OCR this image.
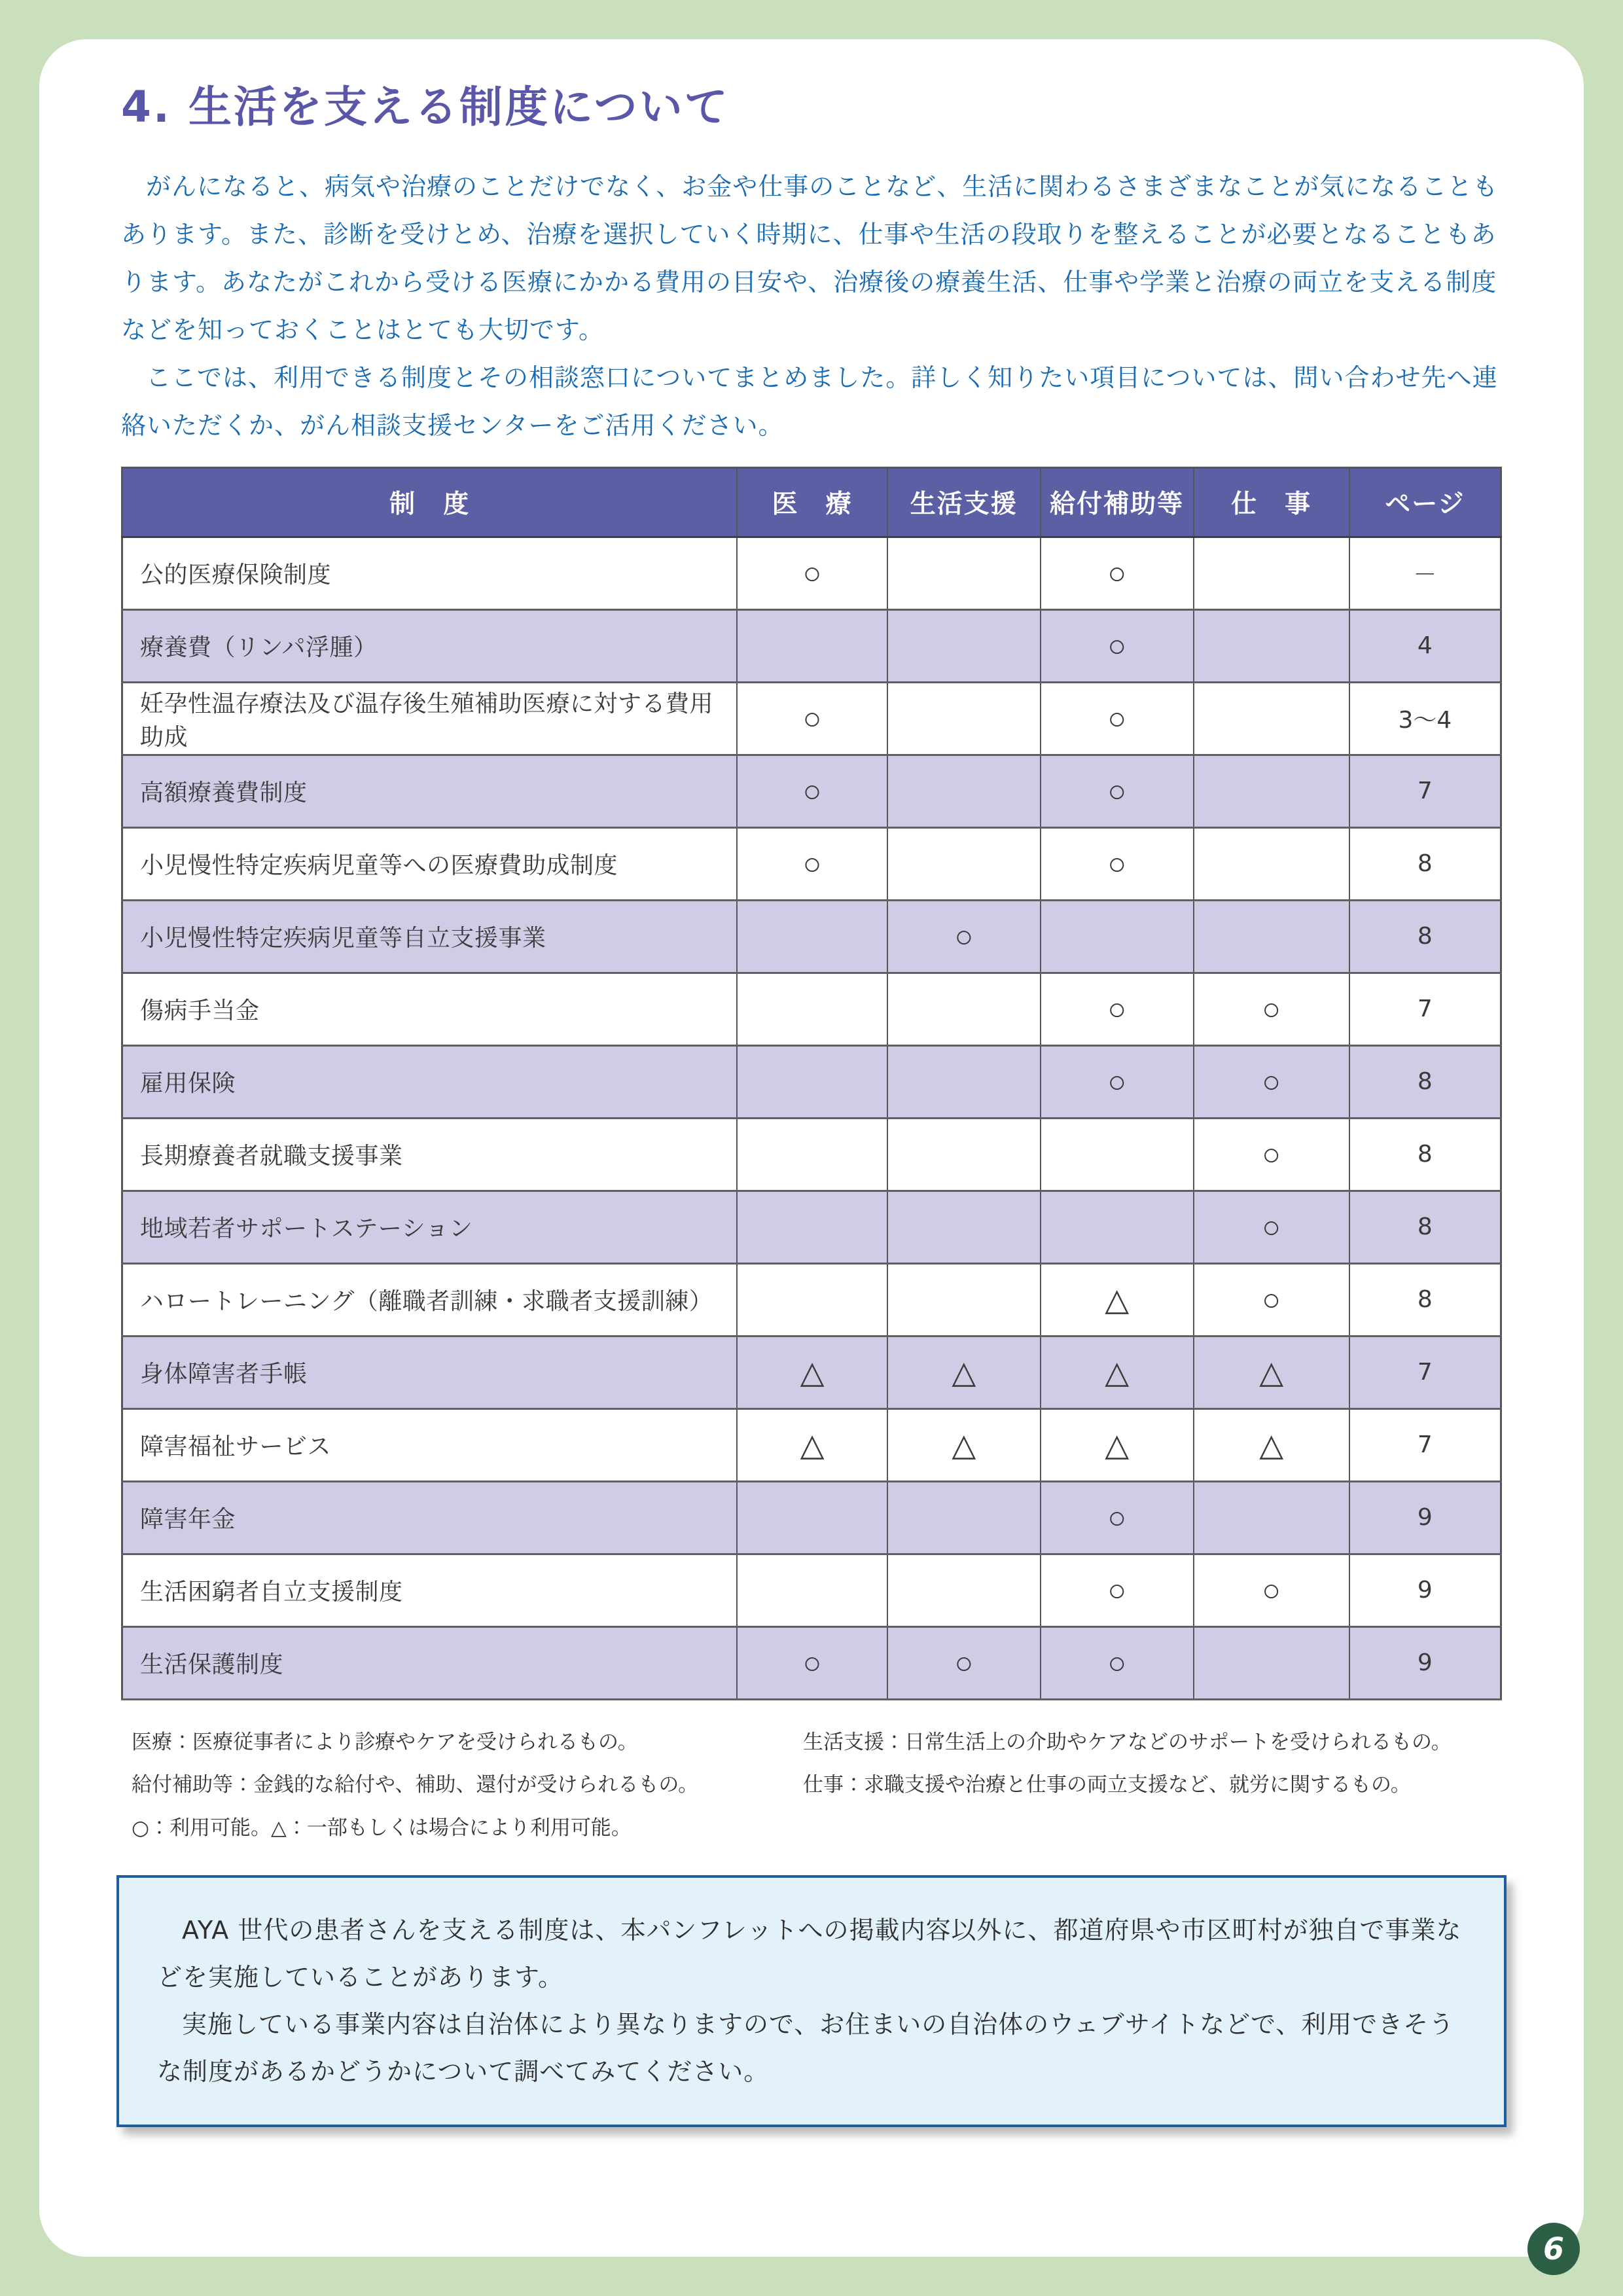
4. 生活を支える制度について

がんになると、病気や治療のことだけでなく、お金や仕事のことなど、生活に関わるさまざまなことが気になることもあります。また、診断を受けとめ、治療を選択していく時期に、仕事や生活の段取りを整えることが必要となることもあります。あなたがこれから受ける医療にかかる費用の目安や、治療後の療養生活、仕事や学業と治療の両立を支える制度などを知っておくことはとても大切です。

ここでは、利用できる制度とその相談窓口についてまとめました。詳しく知りたい項目については、問い合わせ先へ連絡いただくか、がん相談支援センターをご活用ください。

制　度	医　療	生活支援	給付補助等	仕　事	ページ
公的医療保険制度	○		○		－
療養費（リンパ浮腫）			○		4
妊孕性温存療法及び温存後生殖補助医療に対する費用助成	○		○		3～4
高額療養費制度	○		○		7
小児慢性特定疾病児童等への医療費助成制度	○		○		8
小児慢性特定疾病児童等自立支援事業		○			8
傷病手当金			○	○	7
雇用保険			○	○	8
長期療養者就職支援事業				○	8
地域若者サポートステーション				○	8
ハロートレーニング（離職者訓練・求職者支援訓練）			△	○	8
身体障害者手帳	△	△	△	△	7
障害福祉サービス	△	△	△	△	7
障害年金			○		9
生活困窮者自立支援制度			○	○	9
生活保護制度	○	○	○		9
医療：医療従事者により診療やケアを受けられるもの。
給付補助等：金銭的な給付や、補助、還付が受けられるもの。
○：利用可能。△：一部もしくは場合により利用可能。
生活支援：日常生活上の介助やケアなどのサポートを受けられるもの。
仕事：求職支援や治療と仕事の両立支援など、就労に関するもの。

AYA 世代の患者さんを支える制度は、本パンフレットへの掲載内容以外に、都道府県や市区町村が独自で事業などを実施していることがあります。

実施している事業内容は自治体により異なりますので、お住まいの自治体のウェブサイトなどで、利用できそうな制度があるかどうかについて調べてみてください。

6
